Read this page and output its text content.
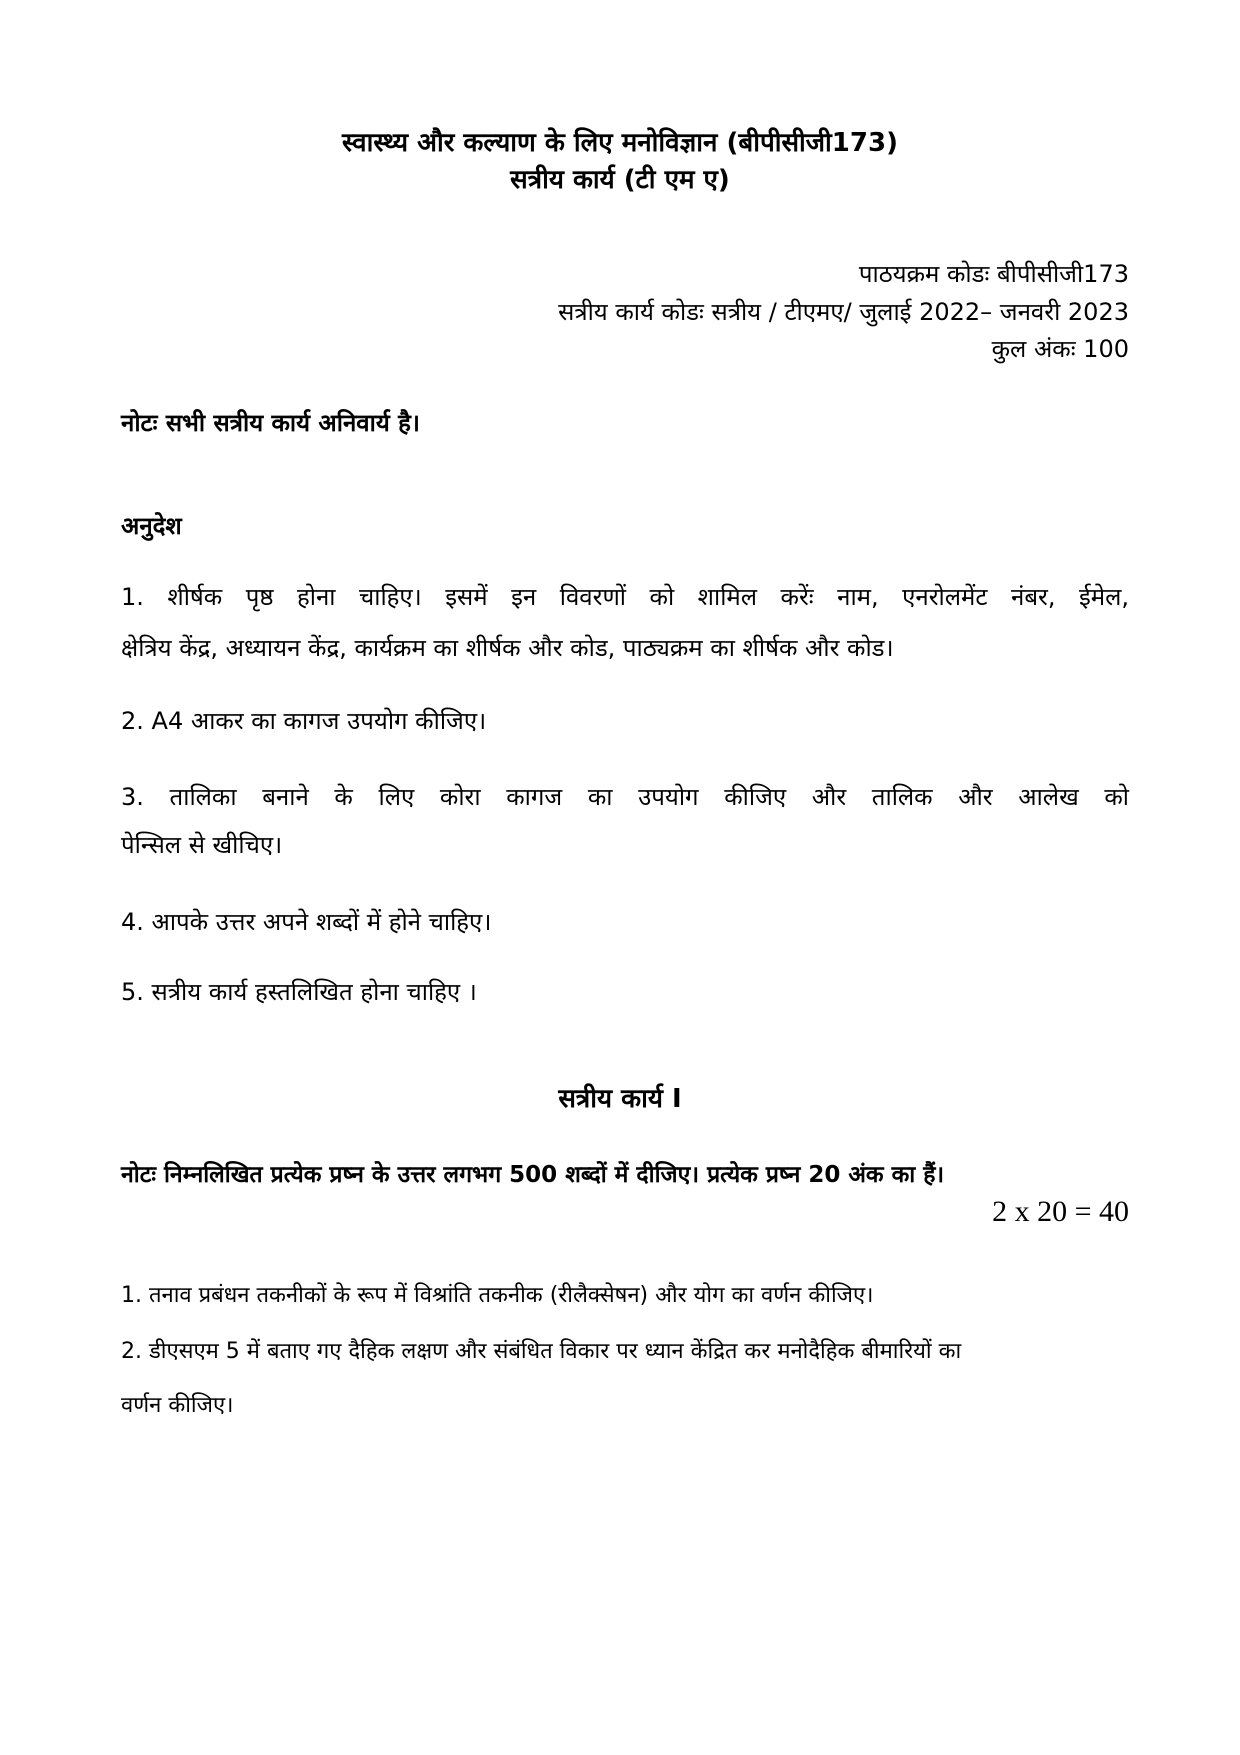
स्वास्थ्य और कल्याण के लिए मनोविज्ञान (बीपीसीजी173)
सत्रीय कार्य (टी एम ए)
पाठयक्रम कोडः बीपीसीजी173
सत्रीय कार्य कोडः सत्रीय / टीएमए/ जुलाई 2022– जनवरी 2023
कुल अंकः 100
नोटः सभी सत्रीय कार्य अनिवार्य है।
अनुदेश
1. शीर्षक पृष्ठ होना चाहिए। इसमें इन विवरणों को शामिल करेंः नाम, एनरोलमेंट नंबर, ईमेल,
क्षेत्रिय केंद्र, अध्यायन केंद्र, कार्यक्रम का शीर्षक और कोड, पाठ्यक्रम का शीर्षक और कोड।
2. A4 आकर का कागज उपयोग कीजिए।
3. तालिका बनाने के लिए कोरा कागज का उपयोग कीजिए और तालिक और आलेख को
पेन्सिल से खीचिए।
4. आपके उत्तर अपने शब्दों में होने चाहिए।
5. सत्रीय कार्य हस्तलिखित होना चाहिए ।
सत्रीय कार्य I
नोटः निम्नलिखित प्रत्येक प्रष्न के उत्तर लगभग 500 शब्दों में दीजिए। प्रत्येक प्रष्न 20 अंक का हैं।
2 x 20 = 40
1. तनाव प्रबंधन तकनीकों के रूप में विश्रांति तकनीक (रीलैक्सेषन) और योग का वर्णन कीजिए।
2. डीएसएम 5 में बताए गए दैहिक लक्षण और संबंधित विकार पर ध्यान केंद्रित कर मनोदैहिक बीमारियों का
वर्णन कीजिए।
